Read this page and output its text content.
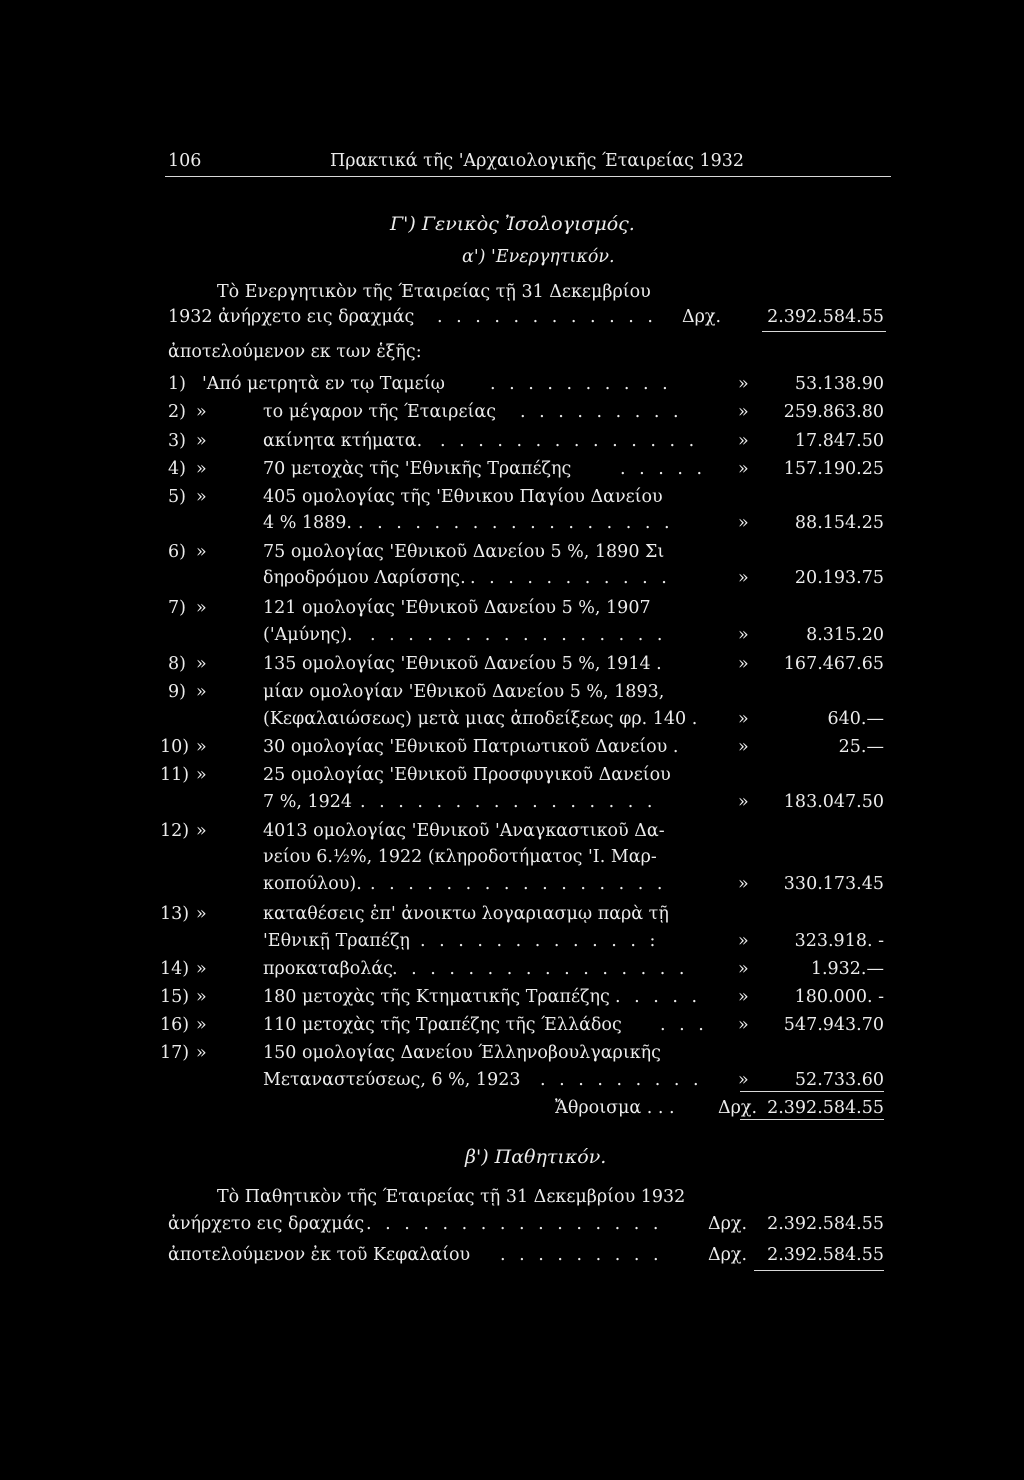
106	Πρακτικά τῆς 'Αρχαιολογικῆς Έταιρείας 1932
Γ') Γενικὸς Ἰσολογισμός.
α') 'Ενεργητικόν.
Τὸ Ενεργητικὸν τῆς Έταιρείας τῇ 31 Δεκεμβρίου
1932 ἀνήρχετο εις δραχμάς . . . . . . . . . . . . Δρχ.	2.392.584.55
ἀποτελούμενον εκ των ἑξῆς:
1) 'Από μετρητὰ εν τῳ Ταμείῳ	. . . . . . . . . .	»	53.138.90
2) »	το μέγαρον τῆς Έταιρείας . . . . . . . . .	»	259.863.80
3) »	ακίνητα κτήματα. . . . . . . . . . . . . . . »	17.847.50
4) »	70 μετοχὰς τῆς 'Εθνικῆς Τραπέζης	. . . . . »	157.190.25
5) »	405 ομολογίας τῆς 'Εθνικου Παγίου Δανείου
4 % 1889. . . . . . . . . . . . . . . . . .	»	88.154.25
6) »	75 ομολογίας 'Εθνικοῦ Δανείου 5 %, 1890 Σι
δηροδρόμου Λαρίσσης. . . . . . . . . . . .	»	20.193.75
7) »	121 ομολογίας 'Εθνικοῦ Δανείου 5 %, 1907
('Αμύνης). . . . . . . . . . . . . . . . .	»	8.315.20
8) »	135 ομολογίας 'Εθνικοῦ Δανείου 5 %, 1914 .	»	167.467.65
9) »	μίαν ομολογίαν 'Εθνικοῦ Δανείου 5 %, 1893,
(Κεφαλαιώσεως) μετὰ μιας ἀποδείξεως φρ. 140 . »	640.—
10) »	30 ομολογίας 'Εθνικοῦ Πατριωτικοῦ Δανείου .	»	25.—
11) »	25 ομολογίας 'Εθνικοῦ Προσφυγικοῦ Δανείου
7 %, 1924 . . . . . . . . . . . . . . . .	»	183.047.50
12) »	4013 ομολογίας 'Εθνικοῦ 'Αναγκαστικοῦ Δα-
νείου 6.½%, 1922 (κληροδοτήματος 'Ι. Μαρ-
κοπούλου). . . . . . . . . . . . . . . . .	»	330.173.45
13) »	καταθέσεις ἐπ' ἀνοικτω λογαριασμῳ παρὰ τῇ
'Εθνικῇ Τραπέζῃ . . . . . . . . . . . . :	»	323.918. -
14) »	προκαταβολάς . . . . . . . . . . . . . . . .	»	1.932.—
15) »	180 μετοχὰς τῆς Κτηματικῆς Τραπέζης . . . . . »	180.000. -
16) »	110 μετοχὰς τῆς Τραπέζης τῆς Έλλάδος . . . »	547.943.70
17) »	150 ομολογίας Δανείου Έλληνοβουλγαρικῆς
Μεταναστεύσεως, 6 %, 1923 . . . . . . . . . »	52.733.60
Ἄθροισμα . . . Δρχ. 2.392.584.55
β') Παθητικόν.
Τὸ Παθητικὸν τῆς Έταιρείας τῇ 31 Δεκεμβρίου 1932
ἀνήρχετο εις δραχμάς . . . . . . . . . . . . . . . .	Δρχ.	2.392.584.55
ἀποτελούμενον ἐκ τοῦ Κεφαλαίου . . . . . . . . .	Δρχ.	2.392.584.55
